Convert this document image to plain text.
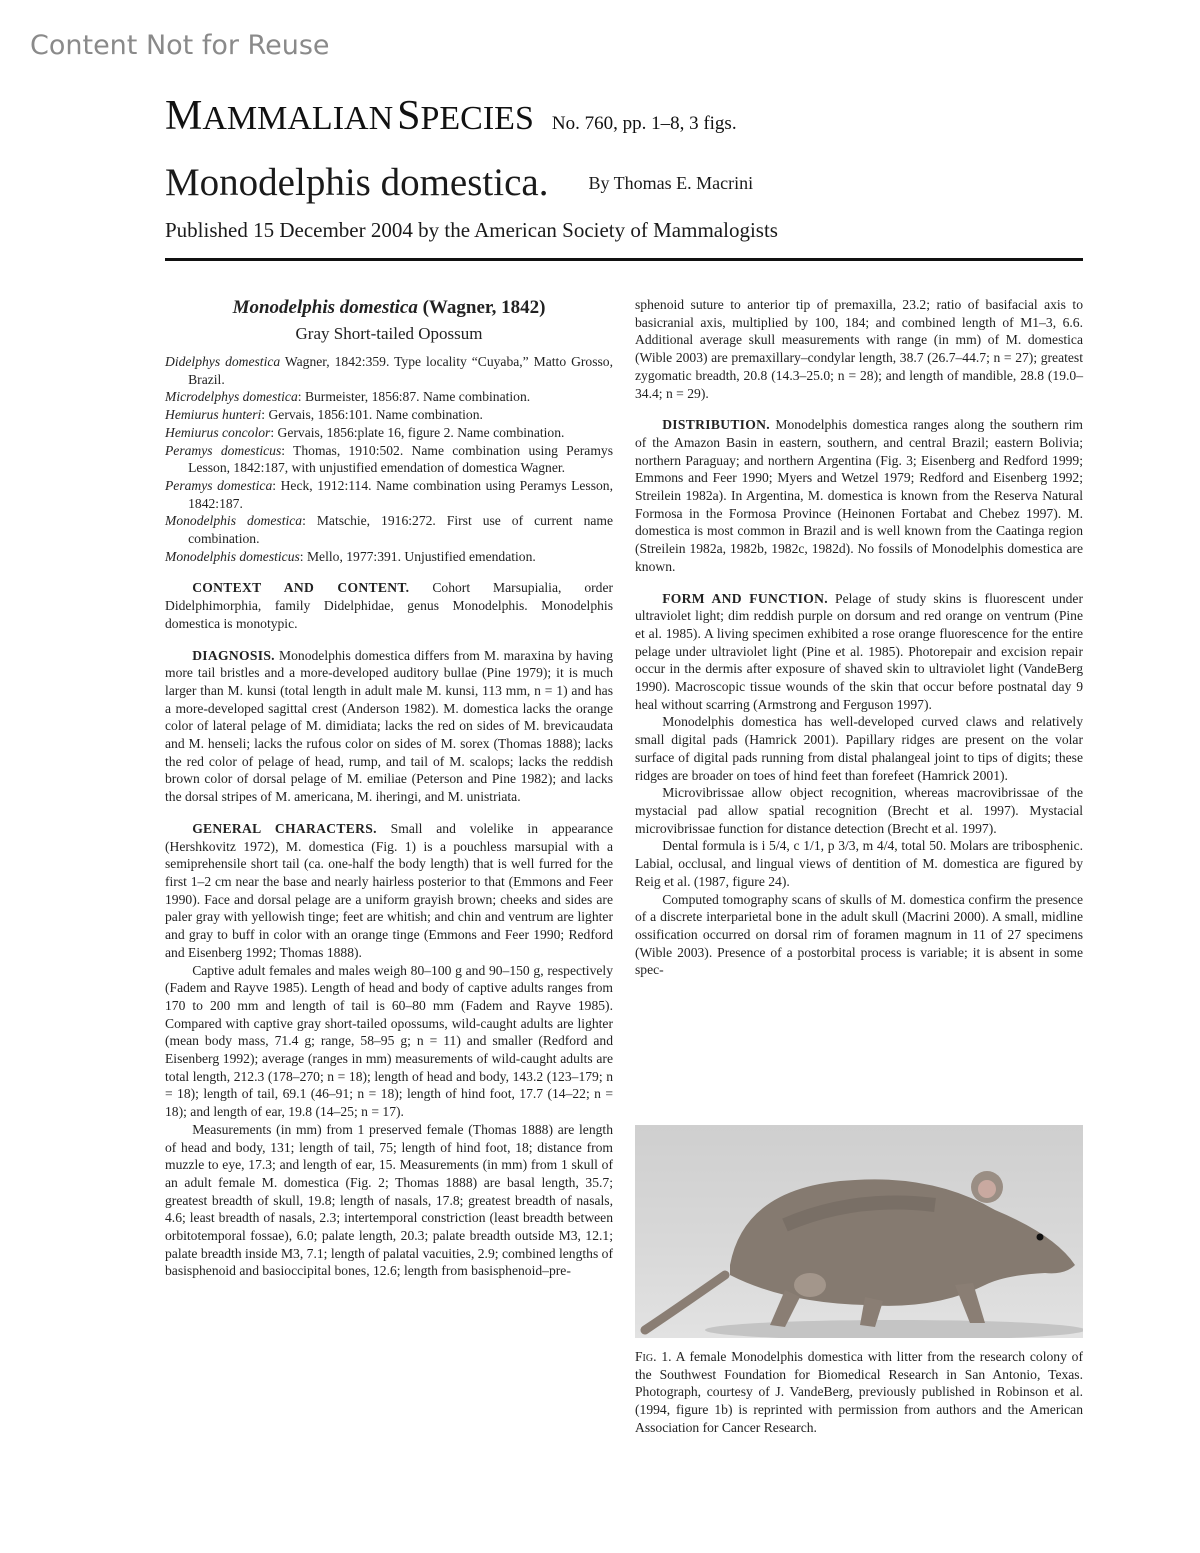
Content Not for Reuse
MAMMALIAN SPECIES No. 760, pp. 1–8, 3 figs.
Monodelphis domestica. By Thomas E. Macrini
Published 15 December 2004 by the American Society of Mammalogists
Monodelphis domestica (Wagner, 1842)
Gray Short-tailed Opossum
Didelphys domestica Wagner, 1842:359. Type locality “Cuyaba,” Matto Grosso, Brazil.
Microdelphys domestica: Burmeister, 1856:87. Name combination.
Hemiurus hunteri: Gervais, 1856:101. Name combination.
Hemiurus concolor: Gervais, 1856:plate 16, figure 2. Name combination.
Peramys domesticus: Thomas, 1910:502. Name combination using Peramys Lesson, 1842:187, with unjustified emendation of domestica Wagner.
Peramys domestica: Heck, 1912:114. Name combination using Peramys Lesson, 1842:187.
Monodelphis domestica: Matschie, 1916:272. First use of current name combination.
Monodelphis domesticus: Mello, 1977:391. Unjustified emendation.

CONTEXT AND CONTENT. Cohort Marsupialia, order Didelphimorphia, family Didelphidae, genus Monodelphis. Monodelphis domestica is monotypic.

DIAGNOSIS. Monodelphis domestica differs from M. maraxina by having more tail bristles and a more-developed auditory bullae (Pine 1979); it is much larger than M. kunsi (total length in adult male M. kunsi, 113 mm, n = 1) and has a more-developed sagittal crest (Anderson 1982). M. domestica lacks the orange color of lateral pelage of M. dimidiata; lacks the red on sides of M. brevicaudata and M. henseli; lacks the rufous color on sides of M. sorex (Thomas 1888); lacks the red color of pelage of head, rump, and tail of M. scalops; lacks the reddish brown color of dorsal pelage of M. emiliae (Peterson and Pine 1982); and lacks the dorsal stripes of M. americana, M. iheringi, and M. unistriata.

GENERAL CHARACTERS. Small and volelike in appearance (Hershkovitz 1972), M. domestica (Fig. 1) is a pouchless marsupial with a semiprehensile short tail (ca. one-half the body length) that is well furred for the first 1–2 cm near the base and nearly hairless posterior to that (Emmons and Feer 1990). Face and dorsal pelage are a uniform grayish brown; cheeks and sides are paler gray with yellowish tinge; feet are whitish; and chin and ventrum are lighter and gray to buff in color with an orange tinge (Emmons and Feer 1990; Redford and Eisenberg 1992; Thomas 1888).

Captive adult females and males weigh 80–100 g and 90–150 g, respectively (Fadem and Rayve 1985). Length of head and body of captive adults ranges from 170 to 200 mm and length of tail is 60–80 mm (Fadem and Rayve 1985). Compared with captive gray short-tailed opossums, wild-caught adults are lighter (mean body mass, 71.4 g; range, 58–95 g; n = 11) and smaller (Redford and Eisenberg 1992); average (ranges in mm) measurements of wild-caught adults are total length, 212.3 (178–270; n = 18); length of head and body, 143.2 (123–179; n = 18); length of tail, 69.1 (46–91; n = 18); length of hind foot, 17.7 (14–22; n = 18); and length of ear, 19.8 (14–25; n = 17).

Measurements (in mm) from 1 preserved female (Thomas 1888) are length of head and body, 131; length of tail, 75; length of hind foot, 18; distance from muzzle to eye, 17.3; and length of ear, 15. Measurements (in mm) from 1 skull of an adult female M. domestica (Fig. 2; Thomas 1888) are basal length, 35.7; greatest breadth of skull, 19.8; length of nasals, 17.8; greatest breadth of nasals, 4.6; least breadth of nasals, 2.3; intertemporal constriction (least breadth between orbitotemporal fossae), 6.0; palate length, 20.3; palate breadth outside M3, 12.1; palate breadth inside M3, 7.1; length of palatal vacuities, 2.9; combined lengths of basisphenoid and basioccipital bones, 12.6; length from basisphenoid–pre-

sphenoid suture to anterior tip of premaxilla, 23.2; ratio of basifacial axis to basicranial axis, multiplied by 100, 184; and combined length of M1–3, 6.6. Additional average skull measurements with range (in mm) of M. domestica (Wible 2003) are premaxillary–condylar length, 38.7 (26.7–44.7; n = 27); greatest zygomatic breadth, 20.8 (14.3–25.0; n = 28); and length of mandible, 28.8 (19.0–34.4; n = 29).

DISTRIBUTION. Monodelphis domestica ranges along the southern rim of the Amazon Basin in eastern, southern, and central Brazil; eastern Bolivia; northern Paraguay; and northern Argentina (Fig. 3; Eisenberg and Redford 1999; Emmons and Feer 1990; Myers and Wetzel 1979; Redford and Eisenberg 1992; Streilein 1982a). In Argentina, M. domestica is known from the Reserva Natural Formosa in the Formosa Province (Heinonen Fortabat and Chebez 1997). M. domestica is most common in Brazil and is well known from the Caatinga region (Streilein 1982a, 1982b, 1982c, 1982d). No fossils of Monodelphis domestica are known.

FORM AND FUNCTION. Pelage of study skins is fluorescent under ultraviolet light; dim reddish purple on dorsum and red orange on ventrum (Pine et al. 1985). A living specimen exhibited a rose orange fluorescence for the entire pelage under ultraviolet light (Pine et al. 1985). Photorepair and excision repair occur in the dermis after exposure of shaved skin to ultraviolet light (VandeBerg 1990). Macroscopic tissue wounds of the skin that occur before postnatal day 9 heal without scarring (Armstrong and Ferguson 1997).

Monodelphis domestica has well-developed curved claws and relatively small digital pads (Hamrick 2001). Papillary ridges are present on the volar surface of digital pads running from distal phalangeal joint to tips of digits; these ridges are broader on toes of hind feet than forefeet (Hamrick 2001).

Microvibrissae allow object recognition, whereas macrovibrissae of the mystacial pad allow spatial recognition (Brecht et al. 1997). Mystacial microvibrissae function for distance detection (Brecht et al. 1997).

Dental formula is i 5/4, c 1/1, p 3/3, m 4/4, total 50. Molars are tribosphenic. Labial, occlusal, and lingual views of dentition of M. domestica are figured by Reig et al. (1987, figure 24).

Computed tomography scans of skulls of M. domestica confirm the presence of a discrete interparietal bone in the adult skull (Macrini 2000). A small, midline ossification occurred on dorsal rim of foramen magnum in 11 of 27 specimens (Wible 2003). Presence of a postorbital process is variable; it is absent in some spec-

Fig. 1. A female Monodelphis domestica with litter from the research colony of the Southwest Foundation for Biomedical Research in San Antonio, Texas. Photograph, courtesy of J. VandeBerg, previously published in Robinson et al. (1994, figure 1b) is reprinted with permission from authors and the American Association for Cancer Research.
